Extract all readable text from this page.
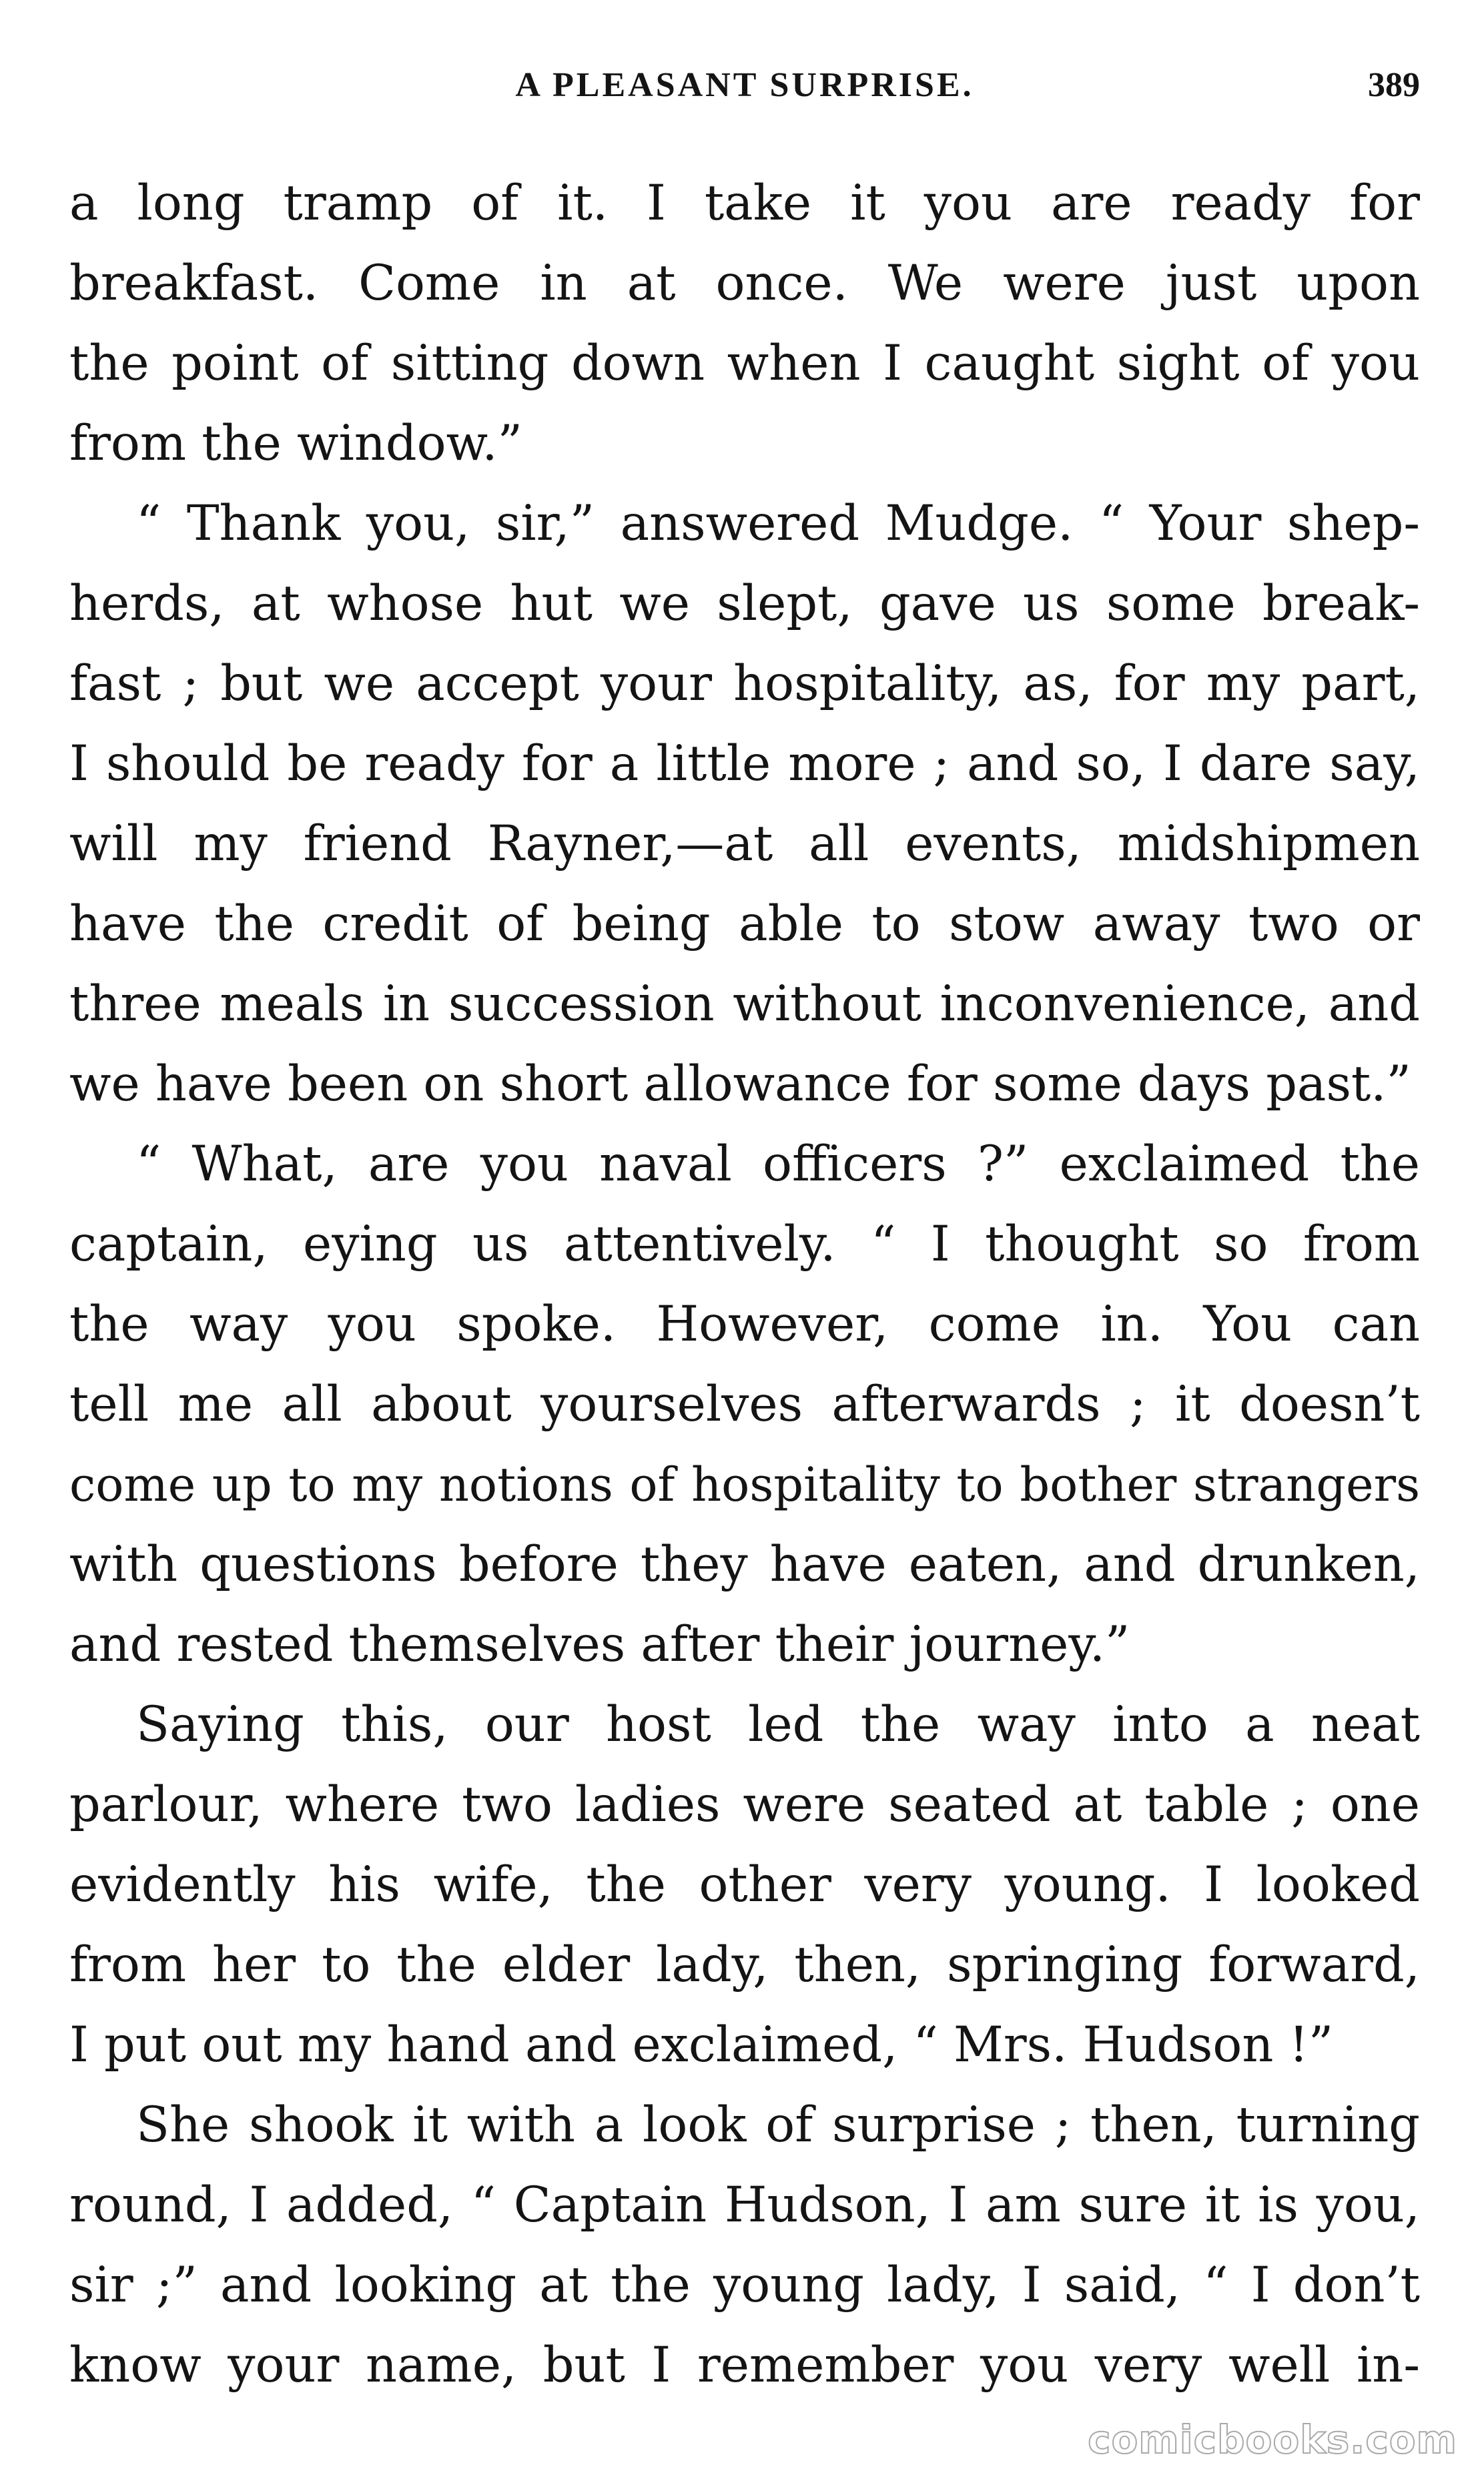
A PLEASANT SURPRISE.	389
a long tramp of it. I take it you are ready for
breakfast. Come in at once. We were just upon
the point of sitting down when I caught sight of you
from the window.”
“ Thank you, sir,” answered Mudge. “ Your shep-
herds, at whose hut we slept, gave us some break-
fast ; but we accept your hospitality, as, for my part,
I should be ready for a little more ; and so, I dare say,
will my friend Rayner,—at all events, midshipmen
have the credit of being able to stow away two or
three meals in succession without inconvenience, and
we have been on short allowance for some days past.”
“ What, are you naval officers ?” exclaimed the
captain, eying us attentively. “ I thought so from
the way you spoke. However, come in. You can
tell me all about yourselves afterwards ; it doesn’t
come up to my notions of hospitality to bother strangers
with questions before they have eaten, and drunken,
and rested themselves after their journey.”
Saying this, our host led the way into a neat
parlour, where two ladies were seated at table ; one
evidently his wife, the other very young. I looked
from her to the elder lady, then, springing forward,
I put out my hand and exclaimed, “ Mrs. Hudson !”
She shook it with a look of surprise ; then, turning
round, I added, “ Captain Hudson, I am sure it is you,
sir ;” and looking at the young lady, I said, “ I don’t
know your name, but I remember you very well in-
comicbooks.com
